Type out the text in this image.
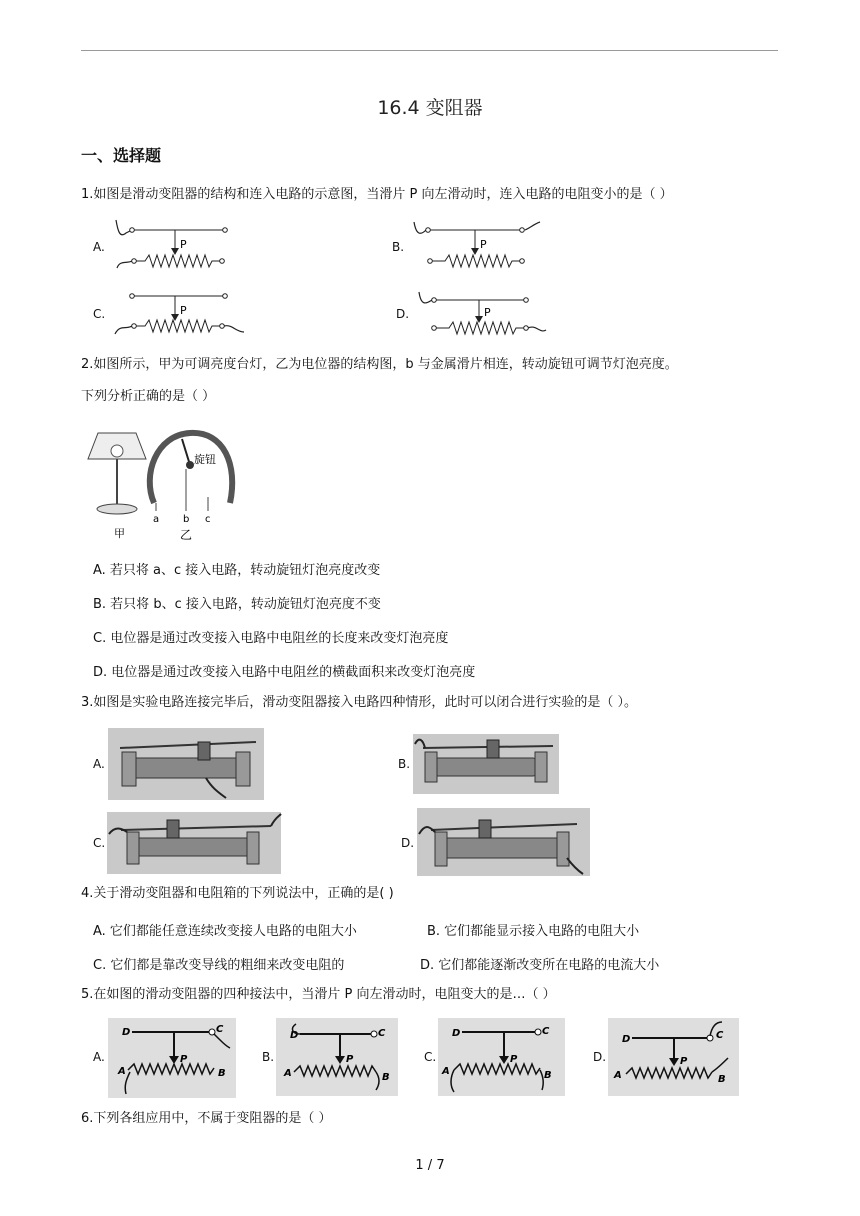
16.4 变阻器
一、选择题
1.如图是滑动变阻器的结构和连入电路的示意图，当滑片 P 向左滑动时，连入电路的电阻变小的是（ ）
A.	P	B.	P
C.	P	D.	P
2.如图所示，甲为可调亮度台灯，乙为电位器的结构图，b 与金属滑片相连，转动旋钮可调节灯泡亮度。
下列分析正确的是（ ）
旋钮
a b c
甲	乙
A. 若只将 a、c 接入电路，转动旋钮灯泡亮度改变
B. 若只将 b、c 接入电路，转动旋钮灯泡亮度不变
C. 电位器是通过改变接入电路中电阻丝的长度来改变灯泡亮度
D. 电位器是通过改变接入电路中电阻丝的横截面积来改变灯泡亮度
3.如图是实验电路连接完毕后，滑动变阻器接入电路四种情形，此时可以闭合进行实验的是（ ）。
A.	B.
C.	D.
4.关于滑动变阻器和电阻箱的下列说法中，正确的是( )
A. 它们都能任意连续改变接人电路的电阻大小	B. 它们都能显示接入电路的电阻大小
C. 它们都是靠改变导线的粗细来改变电阻的	D. 它们都能逐渐改变所在电路的电流大小
5.在如图的滑动变阻器的四种接法中，当滑片 P 向左滑动时，电阻变大的是…（ ）
A.
D	C
P
A	B
B.
D	C
P
A	B
C.
D	C
P
A	B
D.
D	C
P
A	B
6.下列各组应用中，不属于变阻器的是（ ）
1 / 7
